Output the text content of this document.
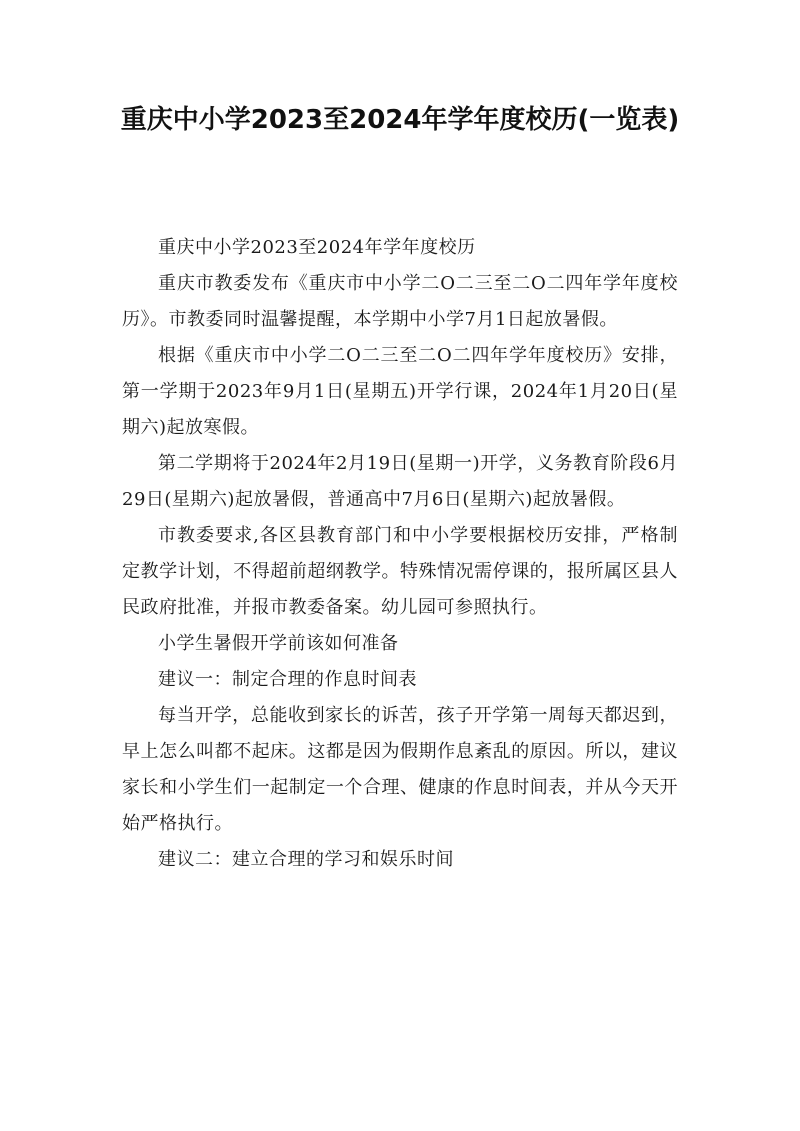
重庆中小学2023至2024年学年度校历(一览表)

重庆中小学2023至2024年学年度校历

重庆市教委发布《重庆市中小学二O二三至二O二四年学年度校历》。市教委同时温馨提醒，本学期中小学7月1日起放暑假。

根据《重庆市中小学二O二三至二O二四年学年度校历》安排，第一学期于2023年9月1日(星期五)开学行课，2024年1月20日(星期六)起放寒假。

第二学期将于2024年2月19日(星期一)开学，义务教育阶段6月29日(星期六)起放暑假，普通高中7月6日(星期六)起放暑假。

市教委要求,各区县教育部门和中小学要根据校历安排，严格制定教学计划，不得超前超纲教学。特殊情况需停课的，报所属区县人民政府批准，并报市教委备案。幼儿园可参照执行。

小学生暑假开学前该如何准备

建议一：制定合理的作息时间表

每当开学，总能收到家长的诉苦，孩子开学第一周每天都迟到，早上怎么叫都不起床。这都是因为假期作息紊乱的原因。所以，建议家长和小学生们一起制定一个合理、健康的作息时间表，并从今天开始严格执行。

建议二：建立合理的学习和娱乐时间
